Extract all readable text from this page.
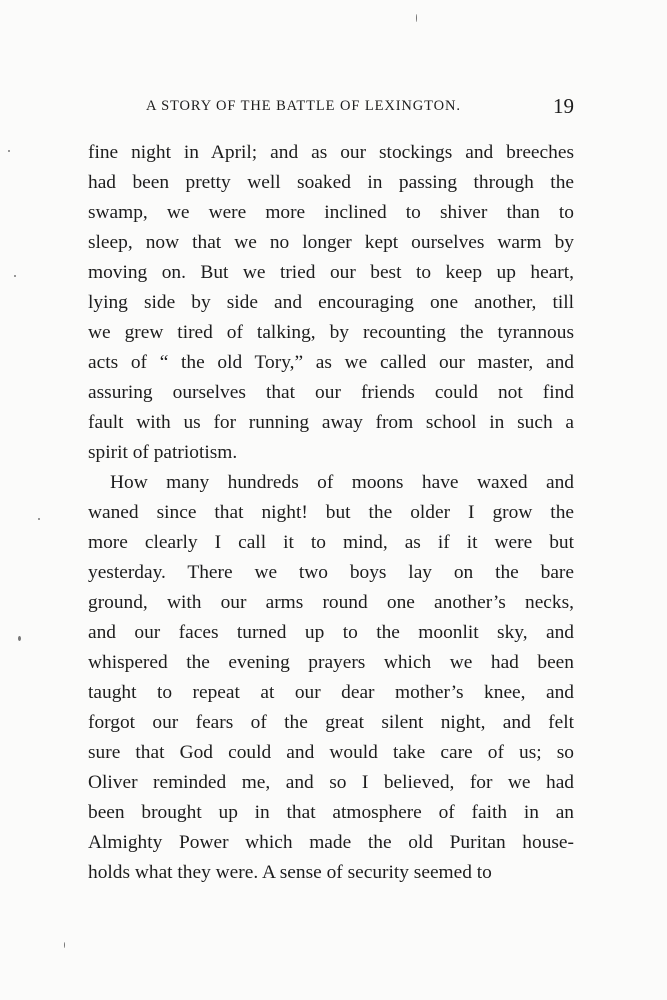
A STORY OF THE BATTLE OF LEXINGTON.	19
fine night in April; and as our stockings and breeches
had been pretty well soaked in passing through the
swamp, we were more inclined to shiver than to
sleep, now that we no longer kept ourselves warm by
moving on. But we tried our best to keep up heart,
lying side by side and encouraging one another, till
we grew tired of talking, by recounting the tyrannous
acts of “ the old Tory,” as we called our master, and
assuring ourselves that our friends could not find
fault with us for running away from school in such a
spirit of patriotism.
How many hundreds of moons have waxed and
waned since that night! but the older I grow the
more clearly I call it to mind, as if it were but
yesterday. There we two boys lay on the bare
ground, with our arms round one another’s necks,
and our faces turned up to the moonlit sky, and
whispered the evening prayers which we had been
taught to repeat at our dear mother’s knee, and
forgot our fears of the great silent night, and felt
sure that God could and would take care of us; so
Oliver reminded me, and so I believed, for we had
been brought up in that atmosphere of faith in an
Almighty Power which made the old Puritan house-
holds what they were. A sense of security seemed to
